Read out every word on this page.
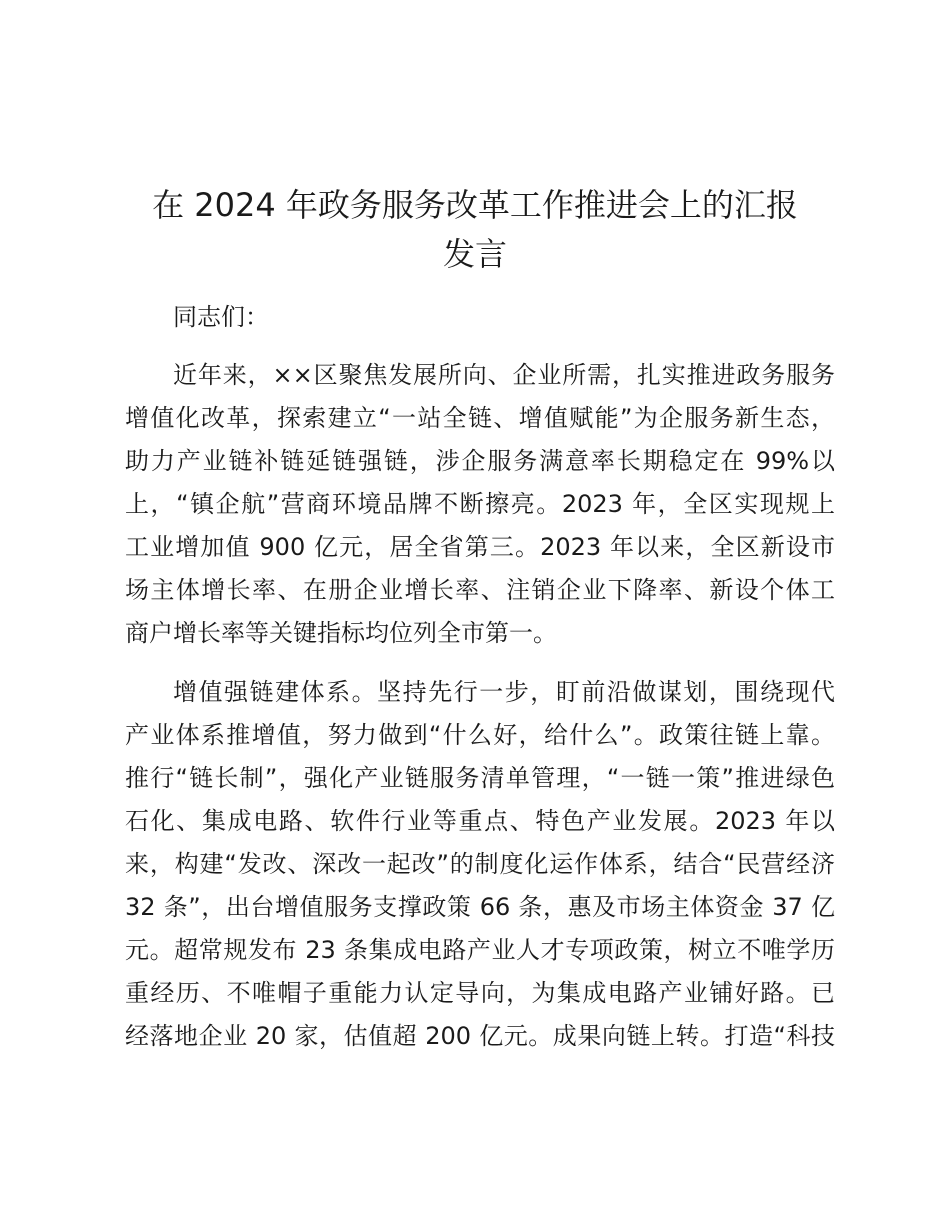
在 2024 年政务服务改革工作推进会上的汇报
发言

同志们：

近年来，××区聚焦发展所向、企业所需，扎实推进政务服务

增值化改革，探索建立“一站全链、增值赋能”为企服务新生态，

助力产业链补链延链强链，涉企服务满意率长期稳定在 99%以

上，“镇企航”营商环境品牌不断擦亮。2023 年，全区实现规上

工业增加值 900 亿元，居全省第三。2023 年以来，全区新设市

场主体增长率、在册企业增长率、注销企业下降率、新设个体工

商户增长率等关键指标均位列全市第一。

增值强链建体系。坚持先行一步，盯前沿做谋划，围绕现代

产业体系推增值，努力做到“什么好，给什么”。政策往链上靠。

推行“链长制”，强化产业链服务清单管理，“一链一策”推进绿色

石化、集成电路、软件行业等重点、特色产业发展。2023 年以

来，构建“发改、深改一起改”的制度化运作体系，结合“民营经济

32 条”，出台增值服务支撑政策 66 条，惠及市场主体资金 37 亿

元。超常规发布 23 条集成电路产业人才专项政策，树立不唯学历

重经历、不唯帽子重能力认定导向，为集成电路产业铺好路。已

经落地企业 20 家，估值超 200 亿元。成果向链上转。打造“科技
